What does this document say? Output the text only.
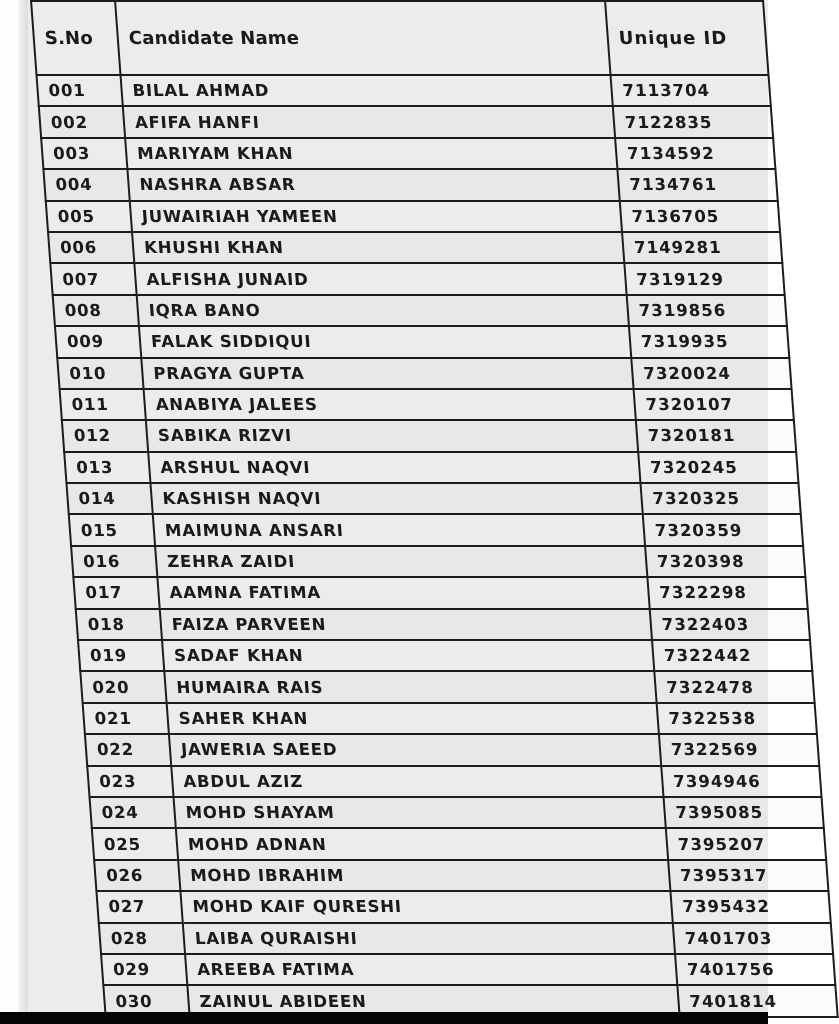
S.No	Candidate Name	Unique ID
001	BILAL AHMAD	7113704
002	AFIFA HANFI	7122835
003	MARIYAM KHAN	7134592
004	NASHRA ABSAR	7134761
005	JUWAIRIAH YAMEEN	7136705
006	KHUSHI KHAN	7149281
007	ALFISHA JUNAID	7319129
008	IQRA BANO	7319856
009	FALAK SIDDIQUI	7319935
010	PRAGYA GUPTA	7320024
011	ANABIYA JALEES	7320107
012	SABIKA RIZVI	7320181
013	ARSHUL NAQVI	7320245
014	KASHISH NAQVI	7320325
015	MAIMUNA ANSARI	7320359
016	ZEHRA ZAIDI	7320398
017	AAMNA FATIMA	7322298
018	FAIZA PARVEEN	7322403
019	SADAF KHAN	7322442
020	HUMAIRA RAIS	7322478
021	SAHER KHAN	7322538
022	JAWERIA SAEED	7322569
023	ABDUL AZIZ	7394946
024	MOHD SHAYAM	7395085
025	MOHD ADNAN	7395207
026	MOHD IBRAHIM	7395317
027	MOHD KAIF QURESHI	7395432
028	LAIBA QURAISHI	7401703
029	AREEBA FATIMA	7401756
030	ZAINUL ABIDEEN	7401814
